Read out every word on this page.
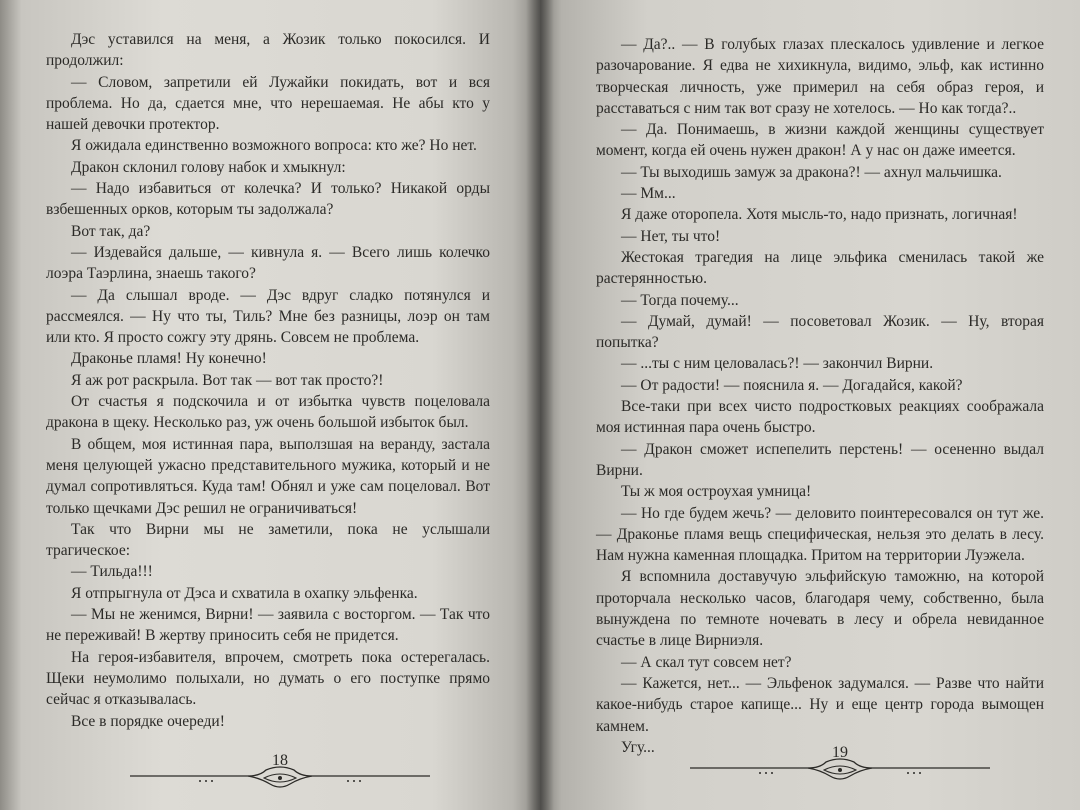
Дэс уставился на меня, а Жозик только покосился. И продолжил:

— Словом, запретили ей Лужайки покидать, вот и вся проблема. Но да, сдается мне, что нерешаемая. Не абы кто у нашей девочки протектор.

Я ожидала единственно возможного вопроса: кто же? Но нет.

Дракон склонил голову набок и хмыкнул:

— Надо избавиться от колечка? И только? Никакой орды взбешенных орков, которым ты задолжала?

Вот так, да?

— Издевайся дальше, — кивнула я. — Всего лишь колечко лоэра Таэрлина, знаешь такого?

— Да слышал вроде. — Дэс вдруг сладко потянулся и рассмеялся. — Ну что ты, Тиль? Мне без разницы, лоэр он там или кто. Я просто сожгу эту дрянь. Совсем не проблема.

Драконье пламя! Ну конечно!

Я аж рот раскрыла. Вот так — вот так просто?!

От счастья я подскочила и от избытка чувств поцеловала дракона в щеку. Несколько раз, уж очень большой избыток был.

В общем, моя истинная пара, выползшая на веранду, застала меня целующей ужасно представительного мужика, который и не думал сопротивляться. Куда там! Обнял и уже сам поцеловал. Вот только щечками Дэс решил не ограничиваться!

Так что Вирни мы не заметили, пока не услышали трагическое:

— Тильда!!!

Я отпрыгнула от Дэса и схватила в охапку эльфенка.

— Мы не женимся, Вирни! — заявила с восторгом. — Так что не переживай! В жертву приносить себя не придется.

На героя-избавителя, впрочем, смотреть пока остерегалась. Щеки неумолимо полыхали, но думать о его поступке прямо сейчас я отказывалась.

Все в порядке очереди!

18

— Да?.. — В голубых глазах плескалось удивление и легкое разочарование. Я едва не хихикнула, видимо, эльф, как истинно творческая личность, уже примерил на себя образ героя, и расставаться с ним так вот сразу не хотелось. — Но как тогда?..

— Да. Понимаешь, в жизни каждой женщины существует момент, когда ей очень нужен дракон! А у нас он даже имеется.

— Ты выходишь замуж за дракона?! — ахнул мальчишка.

— Мм...

Я даже оторопела. Хотя мысль-то, надо признать, логичная!

— Нет, ты что!

Жестокая трагедия на лице эльфика сменилась такой же растерянностью.

— Тогда почему...

— Думай, думай! — посоветовал Жозик. — Ну, вторая попытка?

— ...ты с ним целовалась?! — закончил Вирни.

— От радости! — пояснила я. — Догадайся, какой?

Все-таки при всех чисто подростковых реакциях соображала моя истинная пара очень быстро.

— Дракон сможет испепелить перстень! — осененно выдал Вирни.

Ты ж моя остроухая умница!

— Но где будем жечь? — деловито поинтересовался он тут же. — Драконье пламя вещь специфическая, нельзя это делать в лесу. Нам нужна каменная площадка. Притом на территории Луэжела.

Я вспомнила доставучую эльфийскую таможню, на которой проторчала несколько часов, благодаря чему, собственно, была вынуждена по темноте ночевать в лесу и обрела невиданное счастье в лице Вирниэля.

— А скал тут совсем нет?

— Кажется, нет... — Эльфенок задумался. — Разве что найти какое-нибудь старое капище... Ну и еще центр города вымощен камнем.

Угу...	19
